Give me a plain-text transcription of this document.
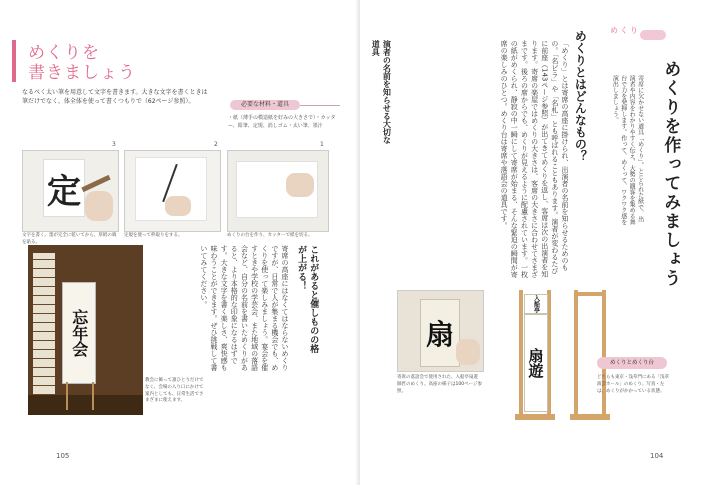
めくりを
書きましょう
なるべく太い筆を用意して文字を書きます。大きな文字を書くときは筆だけでなく、体全体を使って書くつもりで（62ページ参照）。	必要な材料・道具
・紙（薄手の模造紙を好みの大きさで）・カッター、鉛筆、定規、消しゴム・太い筆、墨汁
3
定
文字を書く。墨が完全に乾いてから、厚紙の端を貼る。
2
定規を使って枠取りをする。
1
めくりの台を作り、カッターで紙を切る。
忘年会
教会に飾って誰ひとりだけでなく、会場の入り口にかけて案内としても、日常生活でさまざまに使えます。
これがあると催しものの格が上がる！
寄席の高座にはなくてはならないめくりですが、日常で人が集まる機会でも、めくりを使って楽しみましょう。宴会を催すときや学校の学芸会、また地域の落語会など、自分の名前を書いためくりがあると、より本格的な印象になるはずです。大きな文字を書く楽しさ、爽快感も味わうことができます。ぜひ挑戦して書いてみてください。
105
めくり
めくりを作ってみましょう
寄席に欠かせない道具「めくり」。とじられた紙で、出演者や内容をわかりやすく伝え、大勢の観客を集める舞台で力を発揮します。作って、めくって、ワクワク感を演出しましょう。
めくりとはどんなもの？
「めくり」とは寄席の高座に掛けられ、出演者の名前を知らせるためのもの。「名ビラ」や「名札」とも呼ばれることもあります。演者が変わるたびに前座（143ページ参照）が出てきてめくりを返し、客席は次の出演者を知ります。寄席の楽屋ではめくりの大きさは、客席の大きさに合わせてさまざまです。後ろの席からでも、めくりが見えるように配慮されています。一枚の紙がめくられ、静寂の中一瞬にして寄席が始まる、そんな緊迫の瞬間が寄席の楽しみのひとつ。めくり台は寄席や落語会の道具です。
演者の名前を知らせる大切な道具
扇
寄席の落語会で使用された、入船亭扇遊師匠のめくり。高座の様子は100ページ参照。
入船亭
扇遊	めくりとめくり台
どちらも東京・浅草門にある「浅草演芸ホール」のめくり。写真・左は、めくりがかかっている状態。
104
